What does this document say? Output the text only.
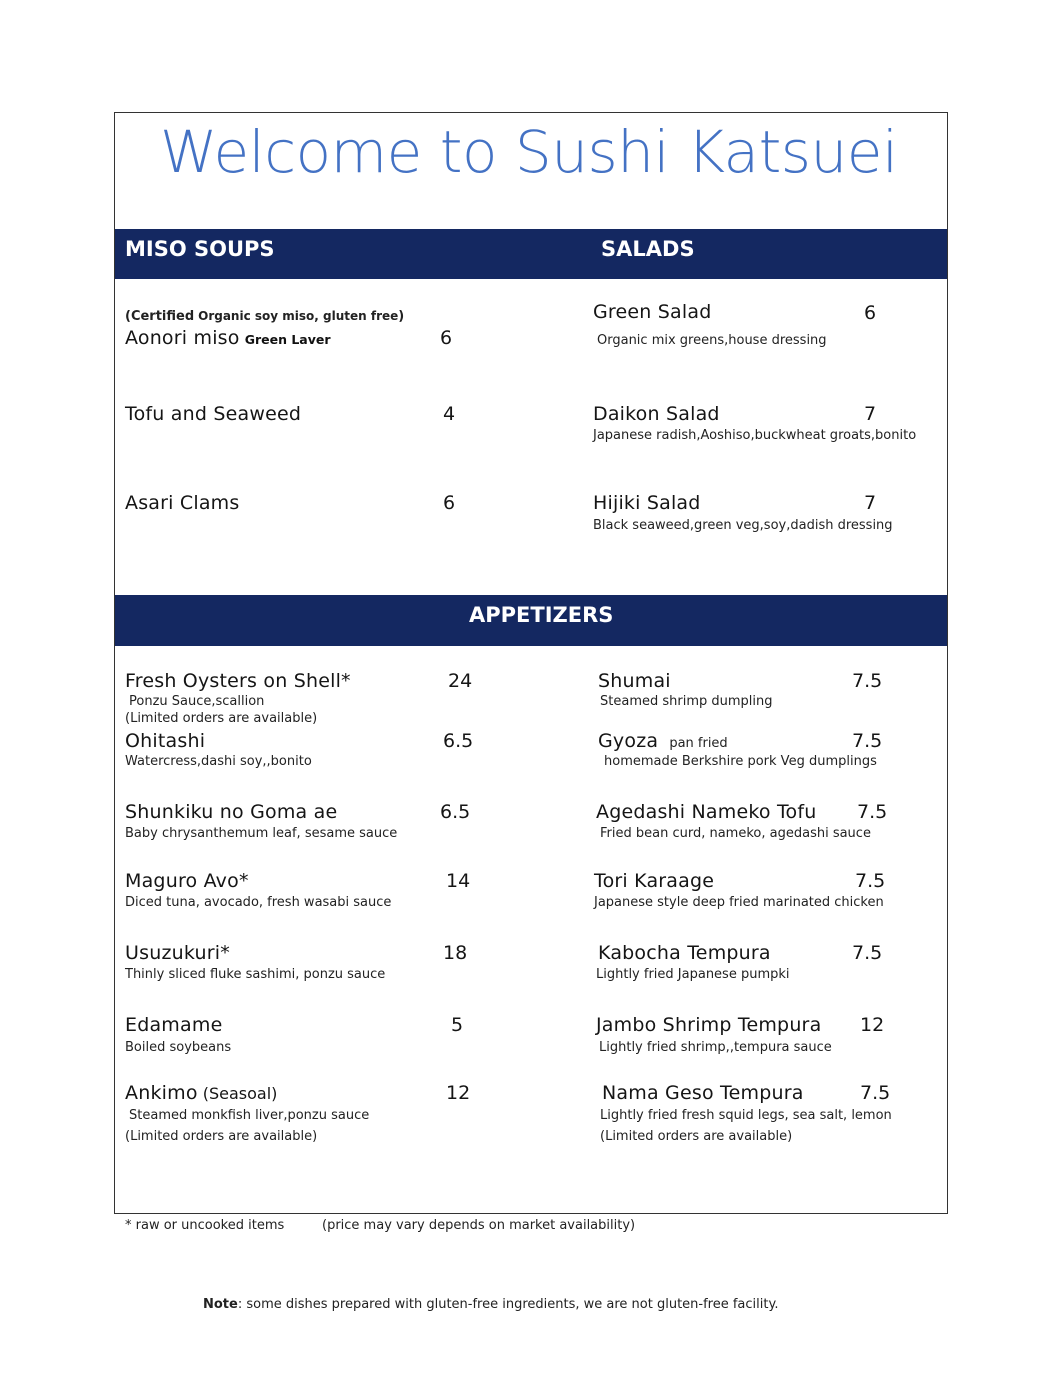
Welcome to Sushi Katsuei
MISO SOUPS	SALADS
(Certified Organic soy miso, gluten free)
Aonori miso Green Laver	6
Tofu and Seaweed	4
Asari Clams	6
Green Salad	6
Organic mix greens,house dressing
Daikon Salad	7
Japanese radish,Aoshiso,buckwheat groats,bonito
Hijiki Salad	7
Black seaweed,green veg,soy,dadish dressing
APPETIZERS
Fresh Oysters on Shell*	24
Ponzu Sauce,scallion
(Limited orders are available)
Ohitashi	6.5
Watercress,dashi soy,,bonito
Shunkiku no Goma ae	6.5
Baby chrysanthemum leaf, sesame sauce
Maguro Avo*	14
Diced tuna, avocado, fresh wasabi sauce
Usuzukuri*	18
Thinly sliced fluke sashimi, ponzu sauce
Edamame	5
Boiled soybeans
Ankimo (Seasoal)	12
Steamed monkfish liver,ponzu sauce
(Limited orders are available)
Shumai	7.5
Steamed shrimp dumpling
Gyoza pan fried	7.5
homemade Berkshire pork Veg dumplings
Agedashi Nameko Tofu 7.5
Fried bean curd, nameko, agedashi sauce
Tori Karaage	7.5
Japanese style deep fried marinated chicken
Kabocha Tempura	7.5
Lightly fried Japanese pumpki
Jambo Shrimp Tempura 12
Lightly fried shrimp,,tempura sauce
Nama Geso Tempura	7.5
Lightly fried fresh squid legs, sea salt, lemon
(Limited orders are available)
* raw or uncooked items	(price may vary depends on market availability)
Note: some dishes prepared with gluten-free ingredients, we are not gluten-free facility.
